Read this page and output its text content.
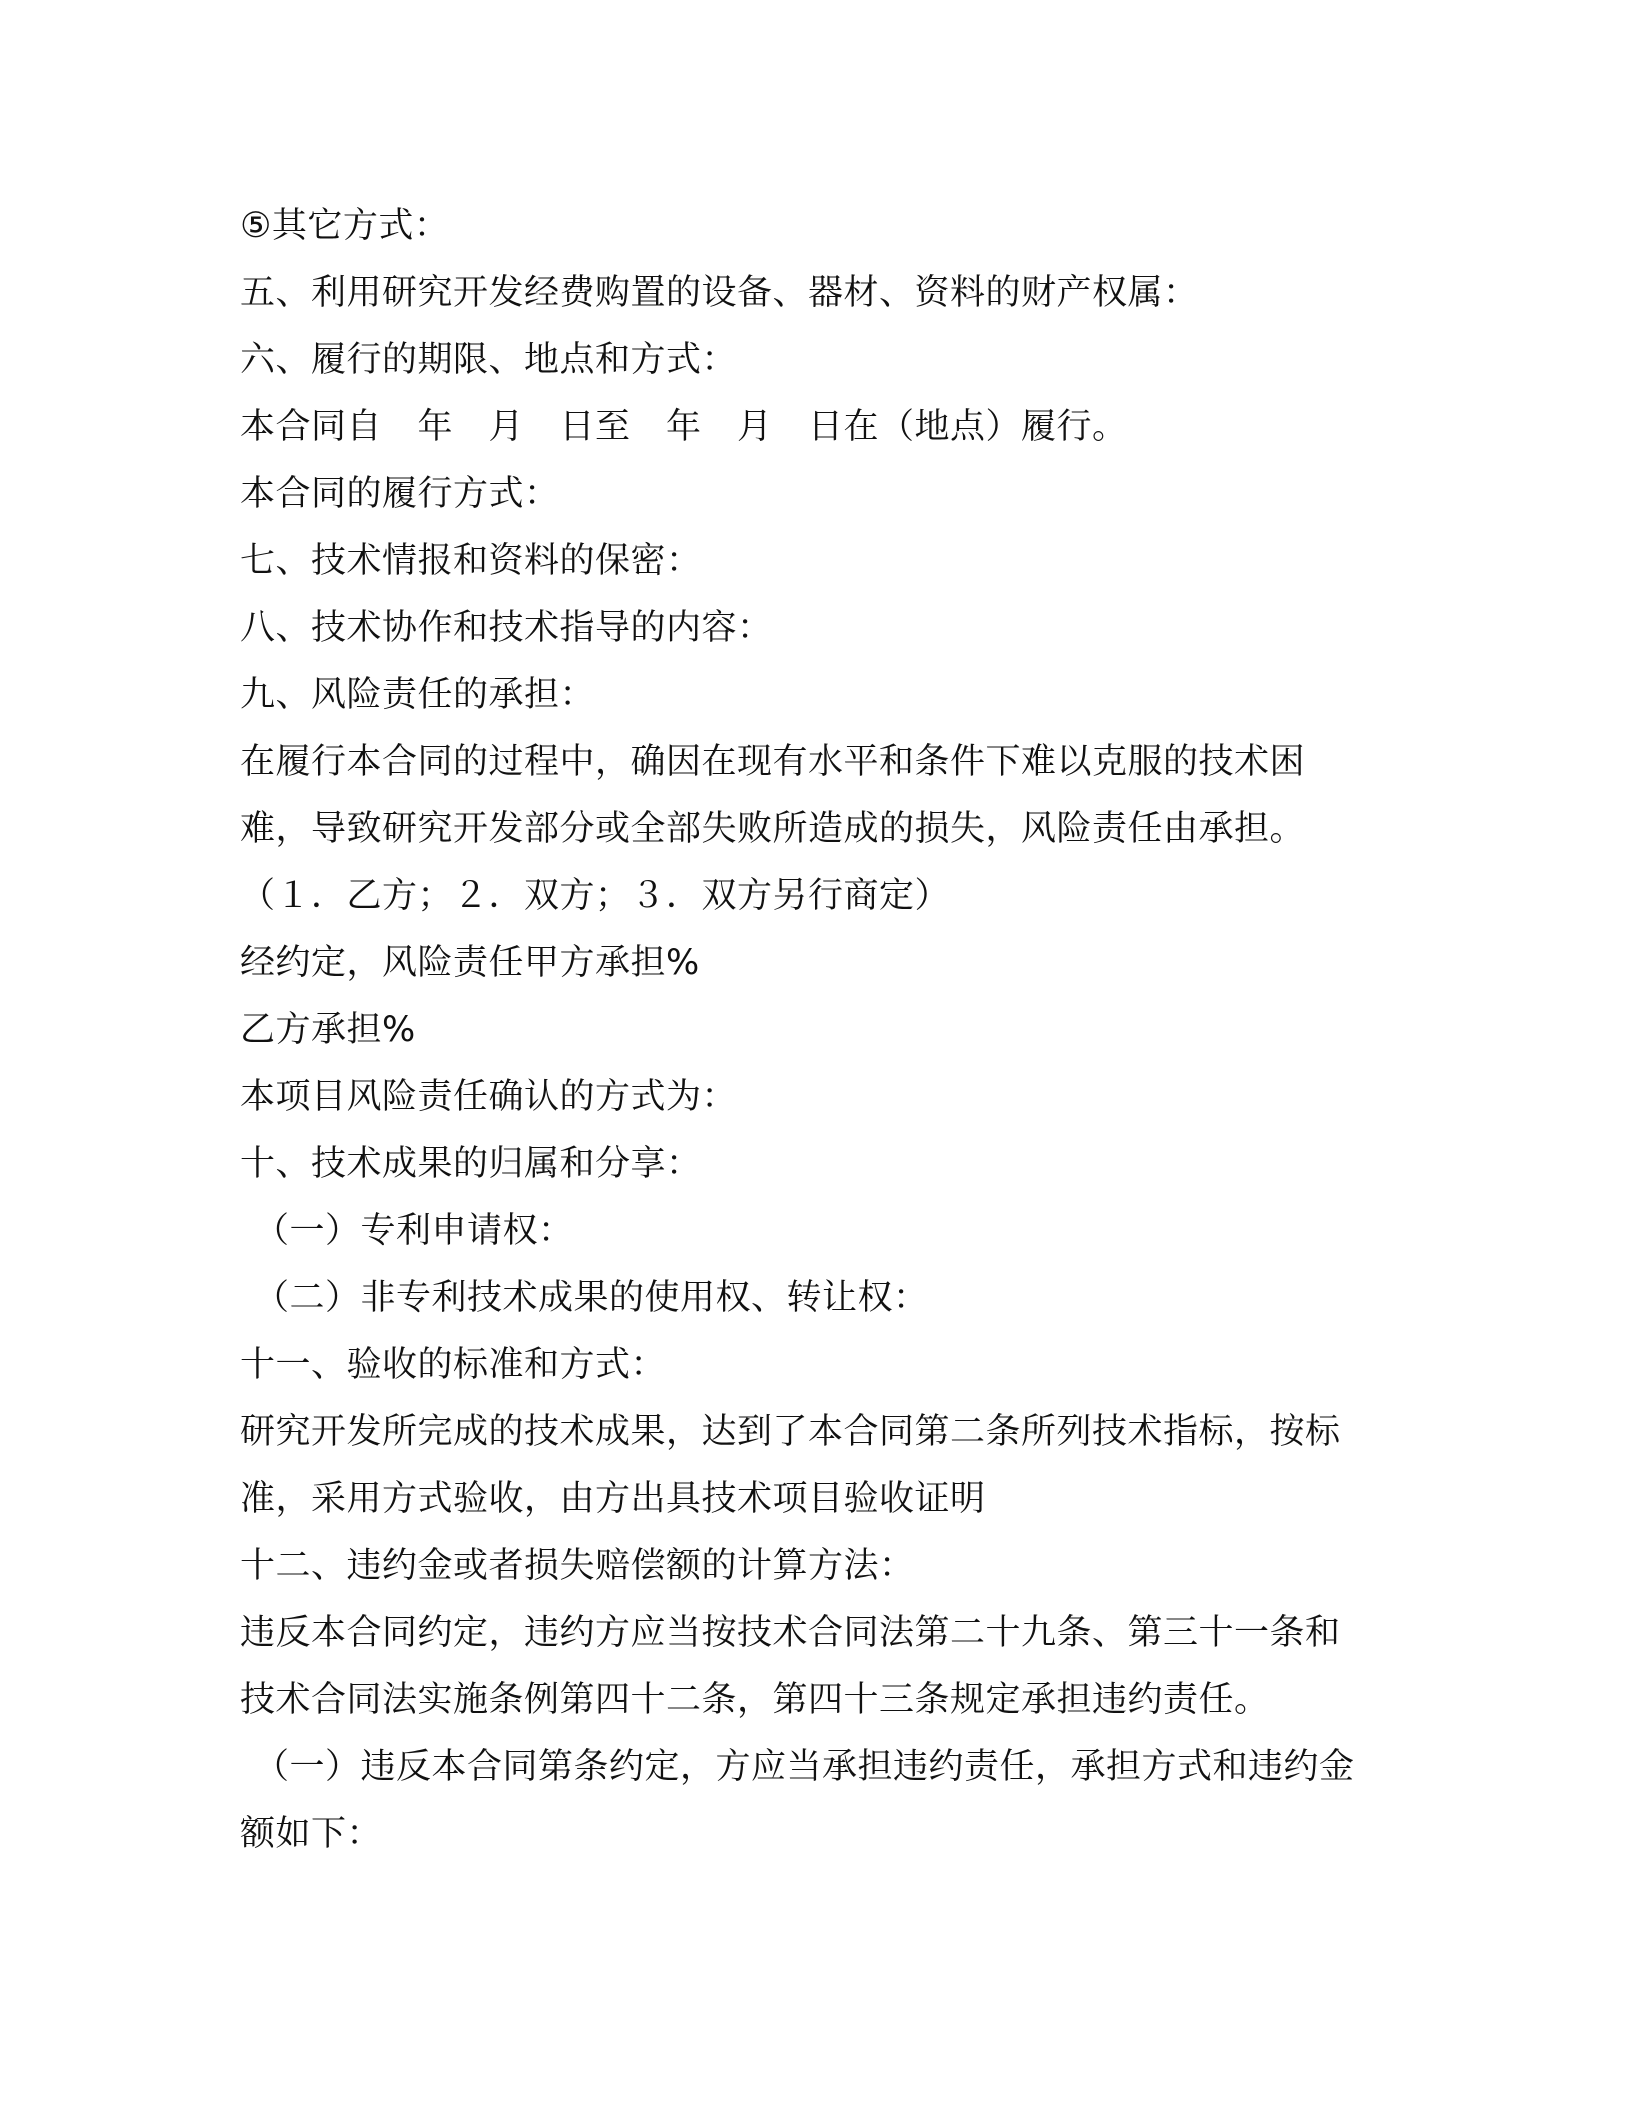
⑤其它方式：
五、利用研究开发经费购置的设备、器材、资料的财产权属：
六、履行的期限、地点和方式：
本合同自　年　月　日至　年　月　日在（地点）履行。
本合同的履行方式：
七、技术情报和资料的保密：
八、技术协作和技术指导的内容：
九、风险责任的承担：
在履行本合同的过程中，确因在现有水平和条件下难以克服的技术困
难，导致研究开发部分或全部失败所造成的损失，风险责任由承担。
（１．乙方；２．双方；３．双方另行商定）
经约定，风险责任甲方承担%
乙方承担%
本项目风险责任确认的方式为：
十、技术成果的归属和分享：
（一）专利申请权：
（二）非专利技术成果的使用权、转让权：
十一、验收的标准和方式：
研究开发所完成的技术成果，达到了本合同第二条所列技术指标，按标
准，采用方式验收，由方出具技术项目验收证明
十二、违约金或者损失赔偿额的计算方法：
违反本合同约定，违约方应当按技术合同法第二十九条、第三十一条和
技术合同法实施条例第四十二条，第四十三条规定承担违约责任。
（一）违反本合同第条约定，方应当承担违约责任，承担方式和违约金
额如下：
